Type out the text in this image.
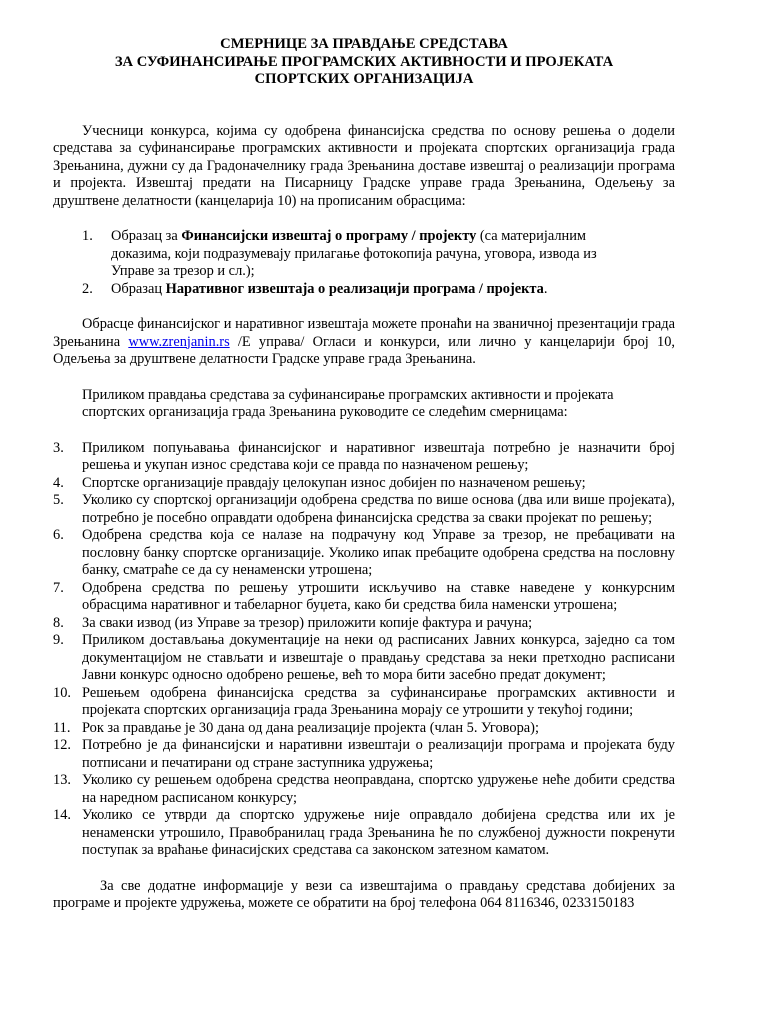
СМЕРНИЦЕ ЗА ПРАВДАЊЕ СРЕДСТАВА
ЗА СУФИНАНСИРАЊЕ ПРОГРАМСКИХ АКТИВНОСТИ И ПРОЈЕКАТА
СПОРТСКИХ ОРГАНИЗАЦИЈА

Учесници конкурса, којима су одобрена финансијска средства по основу решења о додели средстава за суфинансирање програмских активности и пројеката спортских организација града Зрењанина, дужни су да Градоначелнику града Зрењанина доставе извештај о реализацији програма и пројекта. Извештај предати на Писарницу Градске управе града Зрењанина, Одељењу за друштвене делатности (канцеларија 10) на прописаним обрасцима:

1.	Образац за Финансијски извештај о програму / пројекту (са материјалним доказима, који подразумевају прилагање фотокопија рачуна, уговора, извода из Управе за трезор и сл.);
2.	Образац Наративног извештаја о реализацији програма / пројекта.

Обрасце финансијског и наративног извештаја можете пронаћи на званичној презентацији града Зрењанина www.zrenjanin.rs /Е управа/ Огласи и конкурси, или лично у канцеларији број 10, Одељења за друштвене делатности Градске управе града Зрењанина.

Приликом правдања средстава за суфинансирање програмских активности и пројеката спортских организација града Зрењанина руководите се следећим смерницама:

3.	Приликом попуњавања финансијског и наративног извештаја потребно је назначити број решења и укупан износ средстава који се правда по назначеном решењу;
4.	Спортске организације правдају целокупан износ добијен по назначеном решењу;
5.	Уколико су спортској организацији одобрена средства по више основа (два или више пројеката), потребно је посебно оправдати одобрена финансијска средства за сваки пројекат по решењу;
6.	Одобрена средства која се налазе на подрачуну код Управе за трезор, не пребацивати на пословну банку спортске организације. Уколико ипак пребаците одобрена средства на пословну банку, сматраће се да су ненаменски утрошена;
7.	Одобрена средства по решењу утрошити искључиво на ставке наведене у конкурсним обрасцима наративног и табеларног буџета, како би средства била наменски утрошена;
8.	За сваки извод (из Управе за трезор) приложити копије фактура и рачуна;
9.	Приликом достављања документације на неки од расписаних Јавних конкурса, заједно са том документацијом не стављати и извештаје о правдању средстава за неки претходно расписани Јавни конкурс односно одобрено решење, већ то мора бити засебно предат документ;
10. Решењем одобрена финансијска средства за суфинансирање програмских активности и пројеката спортских организација града Зрењанина морају се утрошити у текућој години;
11. Рок за правдање је 30 дана од дана реализације пројекта (члан 5. Уговора);
12. Потребно је да финансијски и наративни извештаји о реализацији програма и пројеката буду потписани и печатирани од стране заступника удружења;
13. Уколико су решењем одобрена средства неоправдана, спортско удружење неће добити средства на наредном расписаном конкурсу;
14. Уколико се утврди да спортско удружење није оправдало добијена средства или их је ненаменски утрошило, Правобранилац града Зрењанина ће по службеној дужности покренути поступак за враћање финасијских средстава са законском затезном каматом.

За све додатне информације у вези са извештајима о правдању средстава добијених за програме и пројекте удружења, можете се обратити на број телефона 064 8116346, 0233150183
